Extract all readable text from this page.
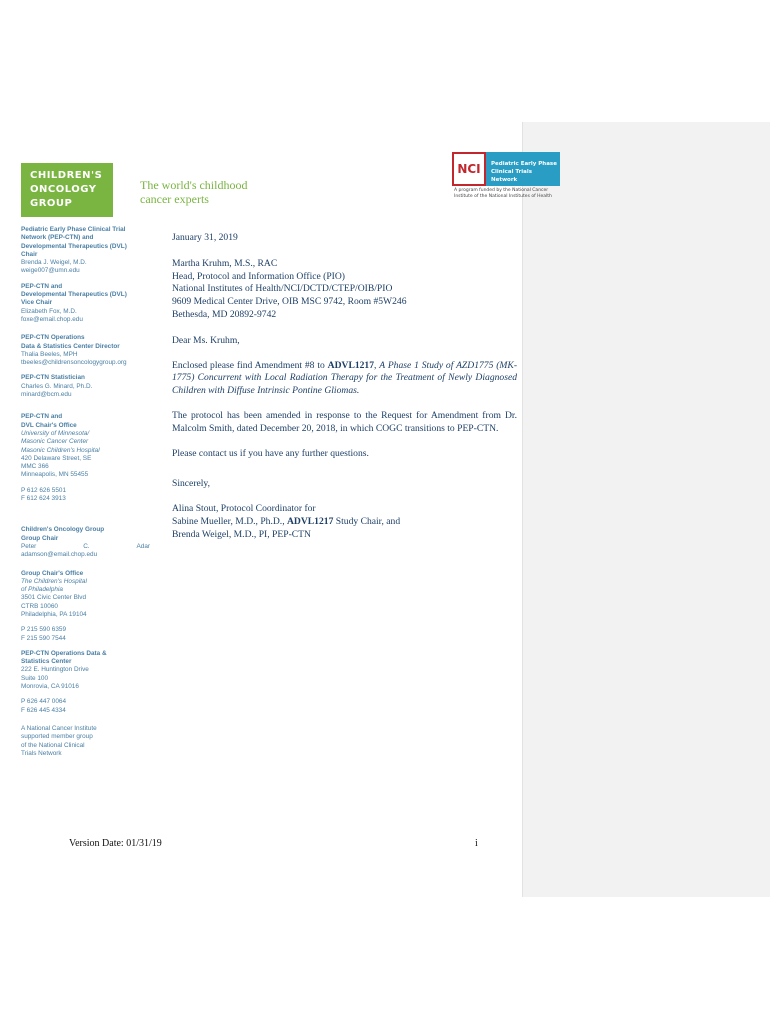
CHILDREN'S
ONCOLOGY
GROUP
The world's childhood
cancer experts
NCI	Pediatric Early Phase
Clinical Trials Network
A program funded by the National Cancer
Institute of the National Institutes of Health
Pediatric Early Phase Clinical Trial
Network (PEP-CTN) and
Developmental Therapeutics (DVL)
Chair
Brenda J. Weigel, M.D.
weige007@umn.edu
PEP-CTN and
Developmental Therapeutics (DVL)
Vice Chair
Elizabeth Fox, M.D.
foxe@email.chop.edu
PEP-CTN Operations
Data & Statistics Center Director
Thalia Beeles, MPH
tbeeles@childrensoncologygroup.org
PEP-CTN Statistician
Charles G. Minard, Ph.D.
minard@bcm.edu
PEP-CTN and
DVL Chair's Office
University of Minnesota/
Masonic Cancer Center
Masonic Children's Hospital
420 Delaware Street, SE
MMC 366
Minneapolis, MN 55455
P 612 626 5501
F 612 624 3913
Children's Oncology Group
Group Chair
Peter	C.	Adar
adamson@email.chop.edu
Group Chair's Office
The Children's Hospital
of Philadelphia
3501 Civic Center Blvd
CTRB 10060
Philadelphia, PA 19104
P 215 590 6359
F 215 590 7544
PEP-CTN Operations Data &
Statistics Center
222 E. Huntington Drive
Suite 100
Monrovia, CA 91016
P 626 447 0064
F 626 445 4334
A National Cancer Institute
supported member group
of the National Clinical
Trials Network

January 31, 2019

Martha Kruhm, M.S., RAC

Head, Protocol and Information Office (PIO)

National Institutes of Health/NCI/DCTD/CTEP/OIB/PIO

9609 Medical Center Drive, OIB MSC 9742, Room #5W246

Bethesda, MD 20892-9742

Dear Ms. Kruhm,

Enclosed please find Amendment #8 to ADVL1217, A Phase 1 Study of AZD1775 (MK-1775) Concurrent with Local Radiation Therapy for the Treatment of Newly Diagnosed Children with Diffuse Intrinsic Pontine Gliomas.

The protocol has been amended in response to the Request for Amendment from Dr. Malcolm Smith, dated December 20, 2018, in which COGC transitions to PEP-CTN.

Please contact us if you have any further questions.

Sincerely,

Alina Stout, Protocol Coordinator for

Sabine Mueller, M.D., Ph.D., ADVL1217 Study Chair, and

Brenda Weigel, M.D., PI, PEP-CTN

Version Date: 01/31/19	i
